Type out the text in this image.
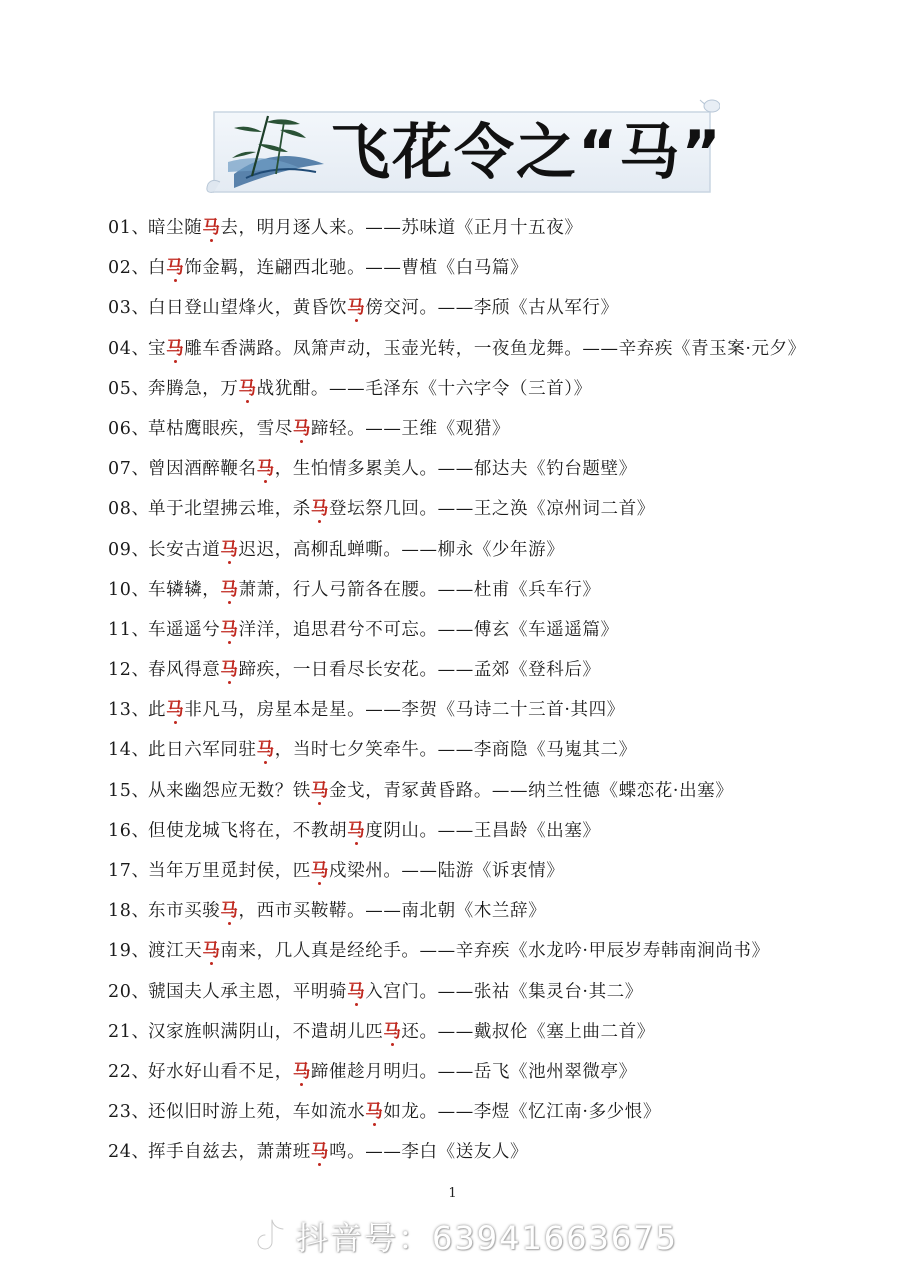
飞花令之“马”
01、暗尘随马去，明月逐人来。——苏味道《正月十五夜》
02、白马饰金羁，连翩西北驰。——曹植《白马篇》
03、白日登山望烽火，黄昏饮马傍交河。——李颀《古从军行》
04、宝马雕车香满路。凤箫声动，玉壶光转，一夜鱼龙舞。——辛弃疾《青玉案·元夕》
05、奔腾急，万马战犹酣。——毛泽东《十六字令（三首）》
06、草枯鹰眼疾，雪尽马蹄轻。——王维《观猎》
07、曾因酒醉鞭名马，生怕情多累美人。——郁达夫《钓台题壁》
08、单于北望拂云堆，杀马登坛祭几回。——王之涣《凉州词二首》
09、长安古道马迟迟，高柳乱蝉嘶。——柳永《少年游》
10、车辚辚，马萧萧，行人弓箭各在腰。——杜甫《兵车行》
11、车遥遥兮马洋洋，追思君兮不可忘。——傅玄《车遥遥篇》
12、春风得意马蹄疾，一日看尽长安花。——孟郊《登科后》
13、此马非凡马，房星本是星。——李贺《马诗二十三首·其四》
14、此日六军同驻马，当时七夕笑牵牛。——李商隐《马嵬其二》
15、从来幽怨应无数？铁马金戈，青冢黄昏路。——纳兰性德《蝶恋花·出塞》
16、但使龙城飞将在，不教胡马度阴山。——王昌龄《出塞》
17、当年万里觅封侯，匹马戍梁州。——陆游《诉衷情》
18、东市买骏马，西市买鞍鞯。——南北朝《木兰辞》
19、渡江天马南来，几人真是经纶手。——辛弃疾《水龙吟·甲辰岁寿韩南涧尚书》
20、虢国夫人承主恩，平明骑马入宫门。——张祜《集灵台·其二》
21、汉家旌帜满阴山，不遣胡儿匹马还。——戴叔伦《塞上曲二首》
22、好水好山看不足，马蹄催趁月明归。——岳飞《池州翠微亭》
23、还似旧时游上苑，车如流水马如龙。——李煜《忆江南·多少恨》
24、挥手自兹去，萧萧班马鸣。——李白《送友人》
1
抖音号：63941663675
